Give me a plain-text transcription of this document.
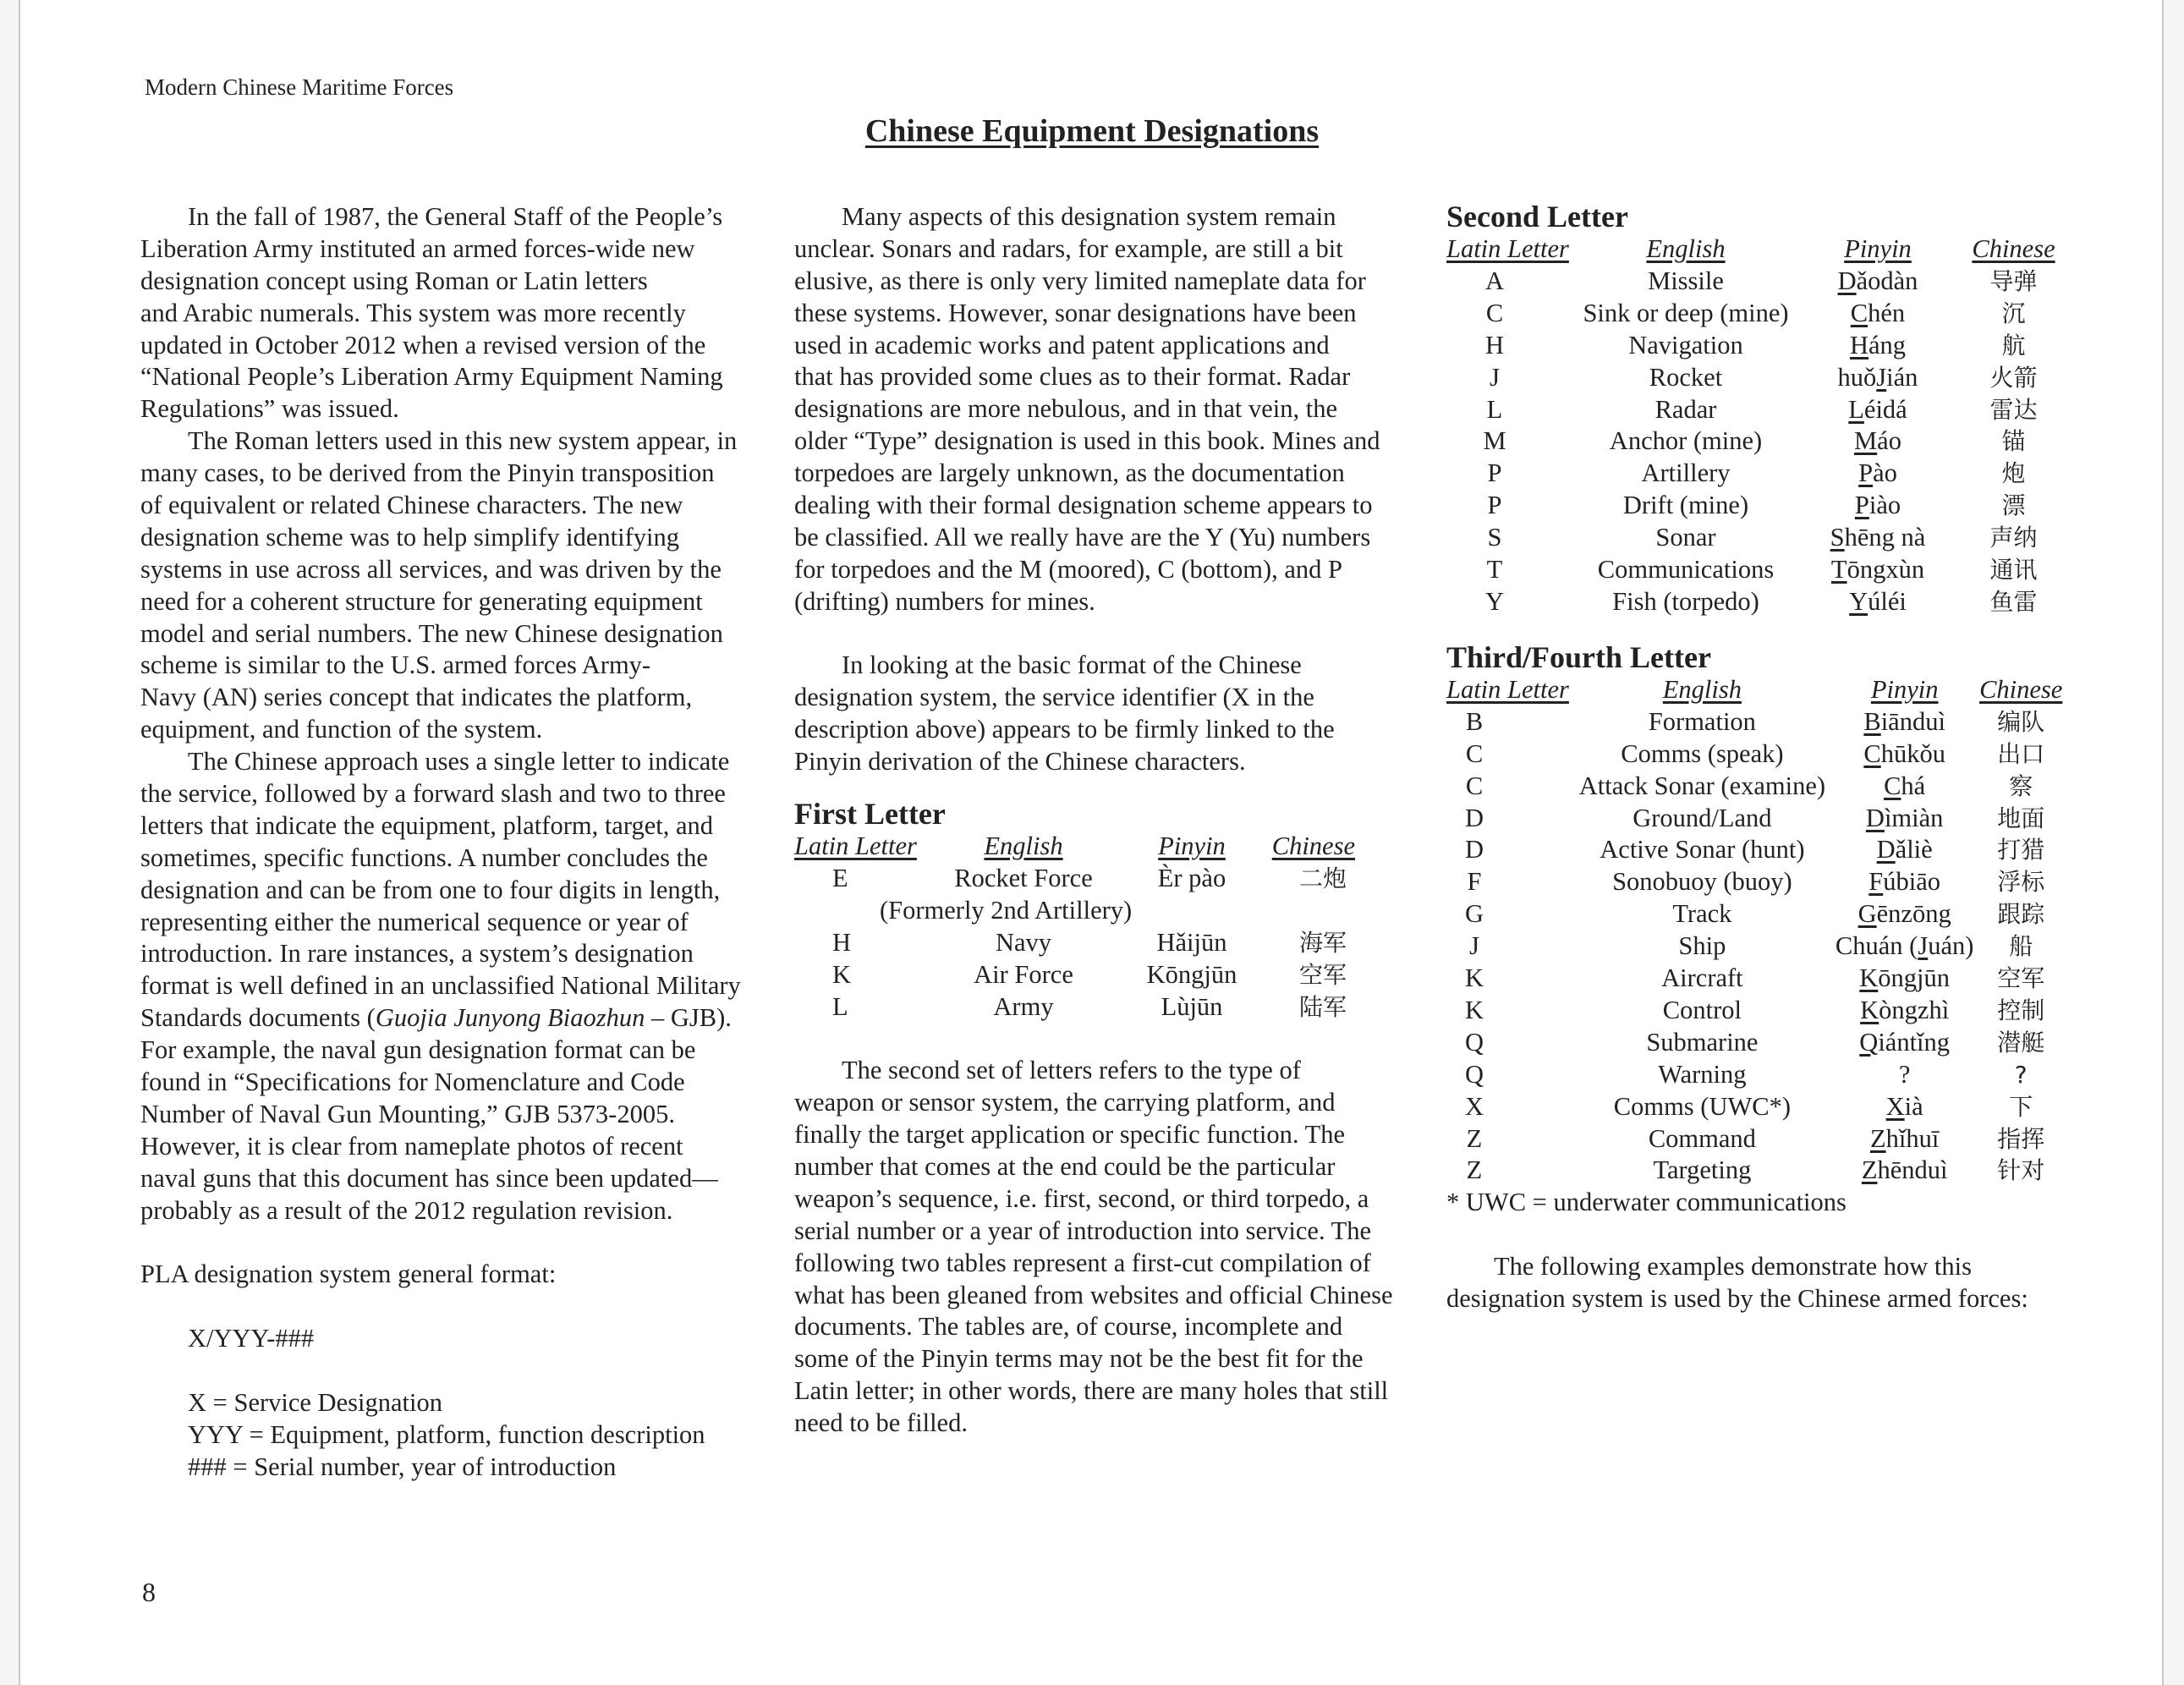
Modern Chinese Maritime Forces
Chinese Equipment Designations
In the fall of 1987, the General Staff of the People’s
Liberation Army instituted an armed forces-wide new
designation concept using Roman or Latin letters
and Arabic numerals. This system was more recently
updated in October 2012 when a revised version of the
“National People’s Liberation Army Equipment Naming
Regulations” was issued.
The Roman letters used in this new system appear, in
many cases, to be derived from the Pinyin transposition
of equivalent or related Chinese characters. The new
designation scheme was to help simplify identifying
systems in use across all services, and was driven by the
need for a coherent structure for generating equipment
model and serial numbers. The new Chinese designation
scheme is similar to the U.S. armed forces Army-
Navy (AN) series concept that indicates the platform,
equipment, and function of the system.
The Chinese approach uses a single letter to indicate
the service, followed by a forward slash and two to three
letters that indicate the equipment, platform, target, and
sometimes, specific functions. A number concludes the
designation and can be from one to four digits in length,
representing either the numerical sequence or year of
introduction. In rare instances, a system’s designation
format is well defined in an unclassified National Military
Standards documents (Guojia Junyong Biaozhun – GJB).
For example, the naval gun designation format can be
found in “Specifications for Nomenclature and Code
Number of Naval Gun Mounting,” GJB 5373-2005.
However, it is clear from nameplate photos of recent
naval guns that this document has since been updated—
probably as a result of the 2012 regulation revision.
PLA designation system general format:
X/YYY-###
X = Service Designation
YYY = Equipment, platform, function description
### = Serial number, year of introduction
Many aspects of this designation system remain
unclear. Sonars and radars, for example, are still a bit
elusive, as there is only very limited nameplate data for
these systems. However, sonar designations have been
used in academic works and patent applications and
that has provided some clues as to their format. Radar
designations are more nebulous, and in that vein, the
older “Type” designation is used in this book. Mines and
torpedoes are largely unknown, as the documentation
dealing with their formal designation scheme appears to
be classified. All we really have are the Y (Yu) numbers
for torpedoes and the M (moored), C (bottom), and P
(drifting) numbers for mines.
In looking at the basic format of the Chinese
designation system, the service identifier (X in the
description above) appears to be firmly linked to the
Pinyin derivation of the Chinese characters.
First Letter
Latin Letter	English	Pinyin	Chinese
E	Rocket Force	Èr pào	二炮
(Formerly 2nd Artillery)			
H	Navy	Hǎijūn	海军
K	Air Force	Kōngjūn	空军
L	Army	Lùjūn	陆军
The second set of letters refers to the type of
weapon or sensor system, the carrying platform, and
finally the target application or specific function. The
number that comes at the end could be the particular
weapon’s sequence, i.e. first, second, or third torpedo, a
serial number or a year of introduction into service. The
following two tables represent a first-cut compilation of
what has been gleaned from websites and official Chinese
documents. The tables are, of course, incomplete and
some of the Pinyin terms may not be the best fit for the
Latin letter; in other words, there are many holes that still
need to be filled.
Second Letter
Latin Letter	English	Pinyin	Chinese
A	Missile	Dǎodàn	导弹
C	Sink or deep (mine)	Chén	沉
H	Navigation	Háng	航
J	Rocket	huǒJián	火箭
L	Radar	Léidá	雷达
M	Anchor (mine)	Máo	锚
P	Artillery	Pào	炮
P	Drift (mine)	Piào	漂
S	Sonar	Shēng nà	声纳
T	Communications	Tōngxùn	通讯
Y	Fish (torpedo)	Yúléi	鱼雷
Third/Fourth Letter
Latin Letter	English	Pinyin	Chinese
B	Formation	Biānduì	编队
C	Comms (speak)	Chūkǒu	出口
C	Attack Sonar (examine)	Chá	察
D	Ground/Land	Dìmiàn	地面
D	Active Sonar (hunt)	Dǎliè	打猎
F	Sonobuoy (buoy)	Fúbiāo	浮标
G	Track	Gēnzōng	跟踪
J	Ship	Chuán (Juán)	船
K	Aircraft	Kōngjūn	空军
K	Control	Kòngzhì	控制
Q	Submarine	Qiántǐng	潜艇
Q	Warning	?	?
X	Comms (UWC*)	Xià	下
Z	Command	Zhǐhuī	指挥
Z	Targeting	Zhēnduì	针对
* UWC = underwater communications
The following examples demonstrate how this
designation system is used by the Chinese armed forces:
8
